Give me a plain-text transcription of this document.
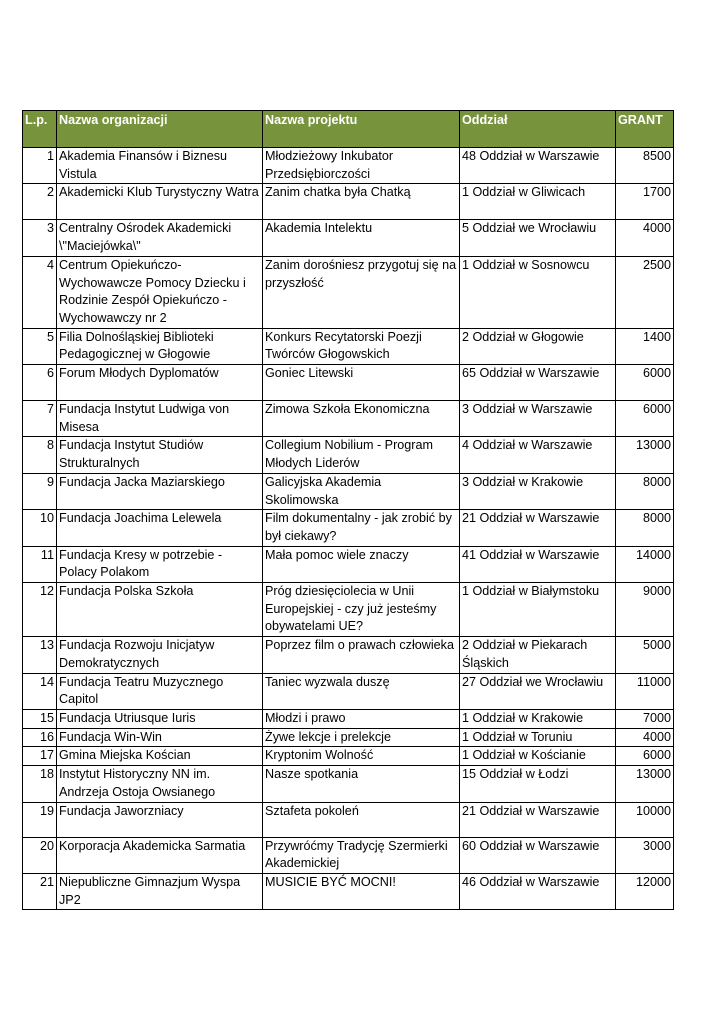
L.p.	Nazwa organizacji	Nazwa projektu	Oddział	GRANT
1	Akademia Finansów i Biznesu Vistula	Młodzieżowy Inkubator Przedsiębiorczości	48 Oddział w Warszawie	8500
2	Akademicki Klub Turystyczny Watra	Zanim chatka była Chatką	1 Oddział w Gliwicach	1700
3	Centralny Ośrodek Akademicki \"Maciejówka\"	Akademia Intelektu	5 Oddział we Wrocławiu	4000
4	Centrum Opiekuńczo-Wychowawcze Pomocy Dziecku i Rodzinie Zespół Opiekuńczo - Wychowawczy nr 2	Zanim dorośniesz przygotuj się na przyszłość	1 Oddział w Sosnowcu	2500
5	Filia Dolnośląskiej Biblioteki Pedagogicznej w Głogowie	Konkurs Recytatorski Poezji Twórców Głogowskich	2 Oddział w Głogowie	1400
6	Forum Młodych Dyplomatów	Goniec Litewski	65 Oddział w Warszawie	6000
7	Fundacja Instytut Ludwiga von Misesa	Zimowa Szkoła Ekonomiczna	3 Oddział w Warszawie	6000
8	Fundacja Instytut Studiów Strukturalnych	Collegium Nobilium - Program Młodych Liderów	4 Oddział w Warszawie	13000
9	Fundacja Jacka Maziarskiego	Galicyjska Akademia Skolimowska	3 Oddział w Krakowie	8000
10	Fundacja Joachima Lelewela	Film dokumentalny - jak zrobić by był ciekawy?	21 Oddział w Warszawie	8000
11	Fundacja Kresy w potrzebie - Polacy Polakom	Mała pomoc wiele znaczy	41 Oddział w Warszawie	14000
12	Fundacja Polska Szkoła	Próg dziesięciolecia w Unii Europejskiej - czy już jesteśmy obywatelami UE?	1 Oddział w Białymstoku	9000
13	Fundacja Rozwoju Inicjatyw Demokratycznych	Poprzez film o prawach człowieka	2 Oddział w Piekarach Śląskich	5000
14	Fundacja Teatru Muzycznego Capitol	Taniec wyzwala duszę	27 Oddział we Wrocławiu	11000
15	Fundacja Utriusque Iuris	Młodzi i prawo	1 Oddział w Krakowie	7000
16	Fundacja Win-Win	Żywe lekcje i prelekcje	1 Oddział w Toruniu	4000
17	Gmina Miejska Kościan	Kryptonim Wolność	1 Oddział w Kościanie	6000
18	Instytut Historyczny NN im. Andrzeja Ostoja Owsianego	Nasze spotkania	15 Oddział w Łodzi	13000
19	Fundacja Jaworzniacy	Sztafeta pokoleń	21 Oddział w Warszawie	10000
20	Korporacja Akademicka Sarmatia	Przywróćmy Tradycję Szermierki Akademickiej	60 Oddział w Warszawie	3000
21	Niepubliczne Gimnazjum Wyspa JP2	MUSICIE BYĆ MOCNI!	46 Oddział w Warszawie	12000
